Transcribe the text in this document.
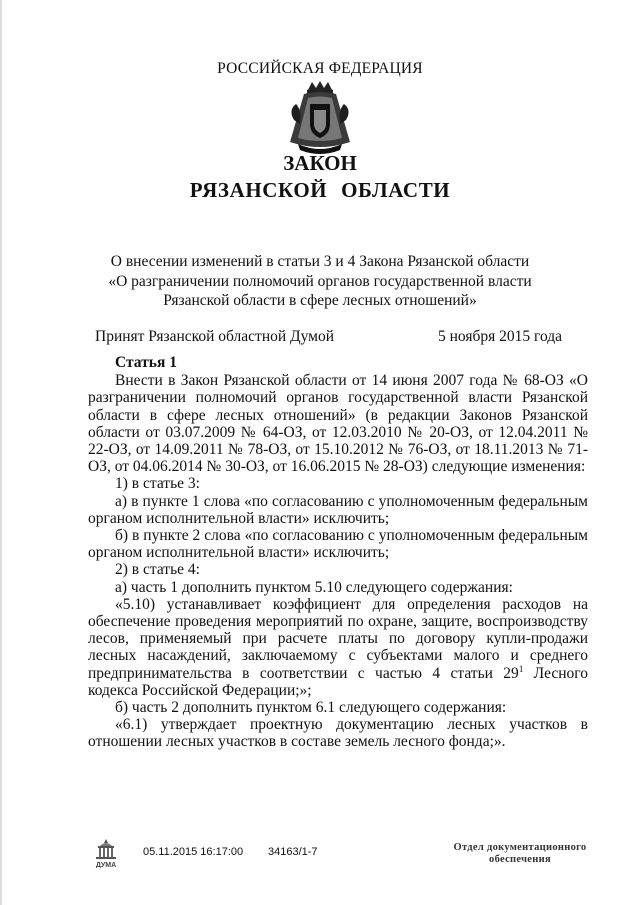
РОССИЙСКАЯ ФЕДЕРАЦИЯ
ЗАКОН
РЯЗАНСКОЙ ОБЛАСТИ
О внесении изменений в статьи 3 и 4 Закона Рязанской области
«О разграничении полномочий органов государственной власти
Рязанской области в сфере лесных отношений»
Принят Рязанской областной Думой	5 ноября 2015 года

Статья 1

Внести в Закон Рязанской области от 14 июня 2007 года № 68-ОЗ «О разграничении полномочий органов государственной власти Рязанской области в сфере лесных отношений» (в редакции Законов Рязанской области от 03.07.2009 № 64-ОЗ, от 12.03.2010 № 20-ОЗ, от 12.04.2011 № 22-ОЗ, от 14.09.2011 № 78-ОЗ, от 15.10.2012 № 76-ОЗ, от 18.11.2013 № 71-ОЗ, от 04.06.2014 № 30-ОЗ, от 16.06.2015 № 28-ОЗ) следующие изменения:

1) в статье 3:

а) в пункте 1 слова «по согласованию с уполномоченным федеральным органом исполнительной власти» исключить;

б) в пункте 2 слова «по согласованию с уполномоченным федеральным органом исполнительной власти» исключить;

2) в статье 4:

а) часть 1 дополнить пунктом 5.10 следующего содержания:

«5.10) устанавливает коэффициент для определения расходов на обеспечение проведения мероприятий по охране, защите, воспроизводству лесов, применяемый при расчете платы по договору купли-продажи лесных насаждений, заключаемому с субъектами малого и среднего предпринимательства в соответствии с частью 4 статьи $29^1$ Лесного кодекса Российской Федерации;»;

б) часть 2 дополнить пунктом 6.1 следующего содержания:

«6.1) утверждает проектную документацию лесных участков в отношении лесных участков в составе земель лесного фонда;».

ДУМА
05.11.2015 16:17:00 34163/1-7	Отдел документационного
обеспечения
